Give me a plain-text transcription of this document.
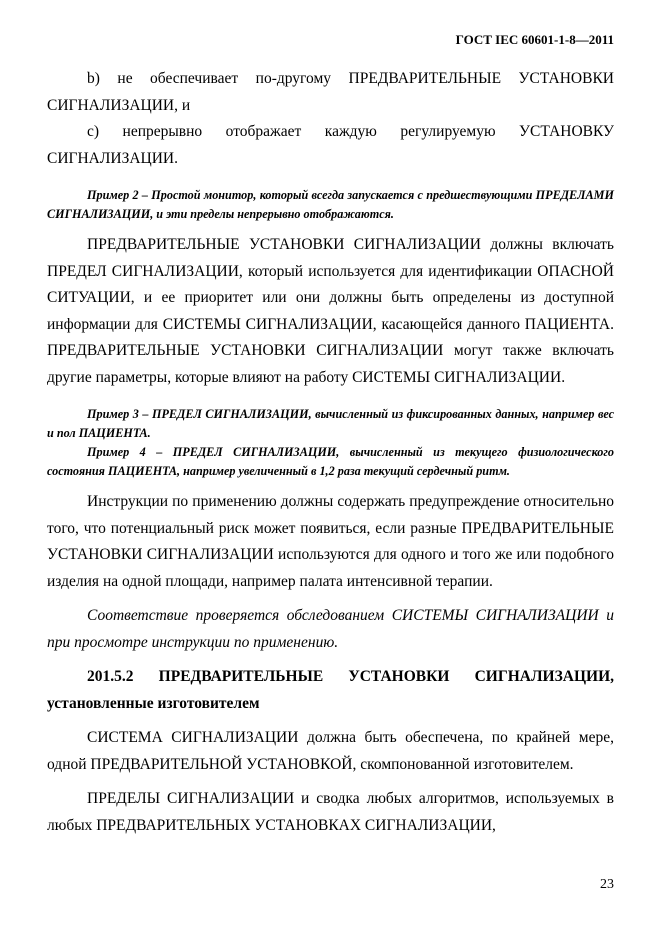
ГОСТ IEC 60601-1-8—2011

b) не обеспечивает по-другому ПРЕДВАРИТЕЛЬНЫЕ УСТАНОВКИ СИГНАЛИЗАЦИИ, и

c) непрерывно отображает каждую регулируемую УСТАНОВКУ СИГНАЛИЗАЦИИ.

Пример 2 – Простой монитор, который всегда запускается с предшествующими ПРЕДЕЛАМИ СИГНАЛИЗАЦИИ, и эти пределы непрерывно отображаются.

ПРЕДВАРИТЕЛЬНЫЕ УСТАНОВКИ СИГНАЛИЗАЦИИ должны включать ПРЕДЕЛ СИГНАЛИЗАЦИИ, который используется для идентификации ОПАСНОЙ СИТУАЦИИ, и ее приоритет или они должны быть определены из доступной информации для СИСТЕМЫ СИГНАЛИЗАЦИИ, касающейся данного ПАЦИЕНТА. ПРЕДВАРИТЕЛЬНЫЕ УСТАНОВКИ СИГНАЛИЗАЦИИ могут также включать другие параметры, которые влияют на работу СИСТЕМЫ СИГНАЛИЗАЦИИ.

Пример 3 – ПРЕДЕЛ СИГНАЛИЗАЦИИ, вычисленный из фиксированных данных, например вес и пол ПАЦИЕНТА.

Пример 4 – ПРЕДЕЛ СИГНАЛИЗАЦИИ, вычисленный из текущего физиологического состояния ПАЦИЕНТА, например увеличенный в 1,2 раза текущий сердечный ритм.

Инструкции по применению должны содержать предупреждение относительно того, что потенциальный риск может появиться, если разные ПРЕДВАРИТЕЛЬНЫЕ УСТАНОВКИ СИГНАЛИЗАЦИИ используются для одного и того же или подобного изделия на одной площади, например палата интенсивной терапии.

Соответствие проверяется обследованием СИСТЕМЫ СИГНАЛИЗАЦИИ и при просмотре инструкции по применению.

201.5.2 ПРЕДВАРИТЕЛЬНЫЕ УСТАНОВКИ СИГНАЛИЗАЦИИ, установленные изготовителем

СИСТЕМА СИГНАЛИЗАЦИИ должна быть обеспечена, по крайней мере, одной ПРЕДВАРИТЕЛЬНОЙ УСТАНОВКОЙ, скомпонованной изготовителем.

ПРЕДЕЛЫ СИГНАЛИЗАЦИИ и сводка любых алгоритмов, используемых в любых ПРЕДВАРИТЕЛЬНЫХ УСТАНОВКАХ СИГНАЛИЗАЦИИ,

23
